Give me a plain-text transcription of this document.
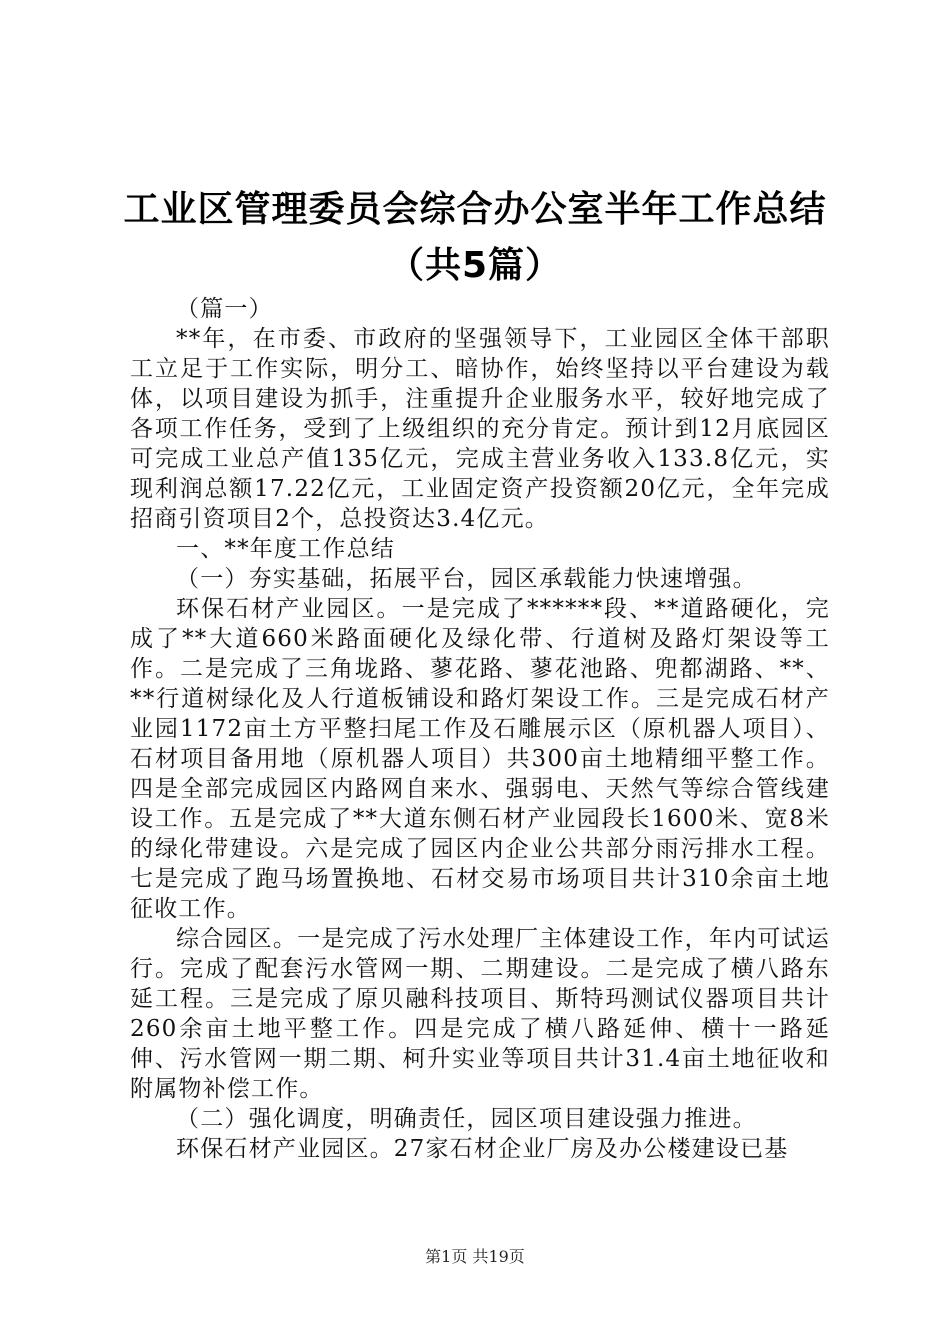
工业区管理委员会综合办公室半年工作总结
（共5篇）

（篇一）

**年，在市委、市政府的坚强领导下，工业园区全体干部职工立足于工作实际，明分工、暗协作，始终坚持以平台建设为载体，以项目建设为抓手，注重提升企业服务水平，较好地完成了各项工作任务，受到了上级组织的充分肯定。预计到12月底园区可完成工业总产值135亿元，完成主营业务收入133.8亿元，实现利润总额17.22亿元，工业固定资产投资额20亿元，全年完成招商引资项目2个，总投资达3.4亿元。

一、**年度工作总结

（一）夯实基础，拓展平台，园区承载能力快速增强。

环保石材产业园区。一是完成了******段、**道路硬化，完成了**大道660米路面硬化及绿化带、行道树及路灯架设等工作。二是完成了三角垅路、蓼花路、蓼花池路、兜都湖路、**、**行道树绿化及人行道板铺设和路灯架设工作。三是完成石材产业园1172亩土方平整扫尾工作及石雕展示区（原机器人项目）、石材项目备用地（原机器人项目）共300亩土地精细平整工作。四是全部完成园区内路网自来水、强弱电、天然气等综合管线建设工作。五是完成了**大道东侧石材产业园段长1600米、宽8米的绿化带建设。六是完成了园区内企业公共部分雨污排水工程。七是完成了跑马场置换地、石材交易市场项目共计310余亩土地征收工作。

综合园区。一是完成了污水处理厂主体建设工作，年内可试运行。完成了配套污水管网一期、二期建设。二是完成了横八路东延工程。三是完成了原贝融科技项目、斯特玛测试仪器项目共计260余亩土地平整工作。四是完成了横八路延伸、横十一路延伸、污水管网一期二期、柯升实业等项目共计31.4亩土地征收和附属物补偿工作。

（二）强化调度，明确责任，园区项目建设强力推进。

环保石材产业园区。27家石材企业厂房及办公楼建设已基

第1页 共19页
